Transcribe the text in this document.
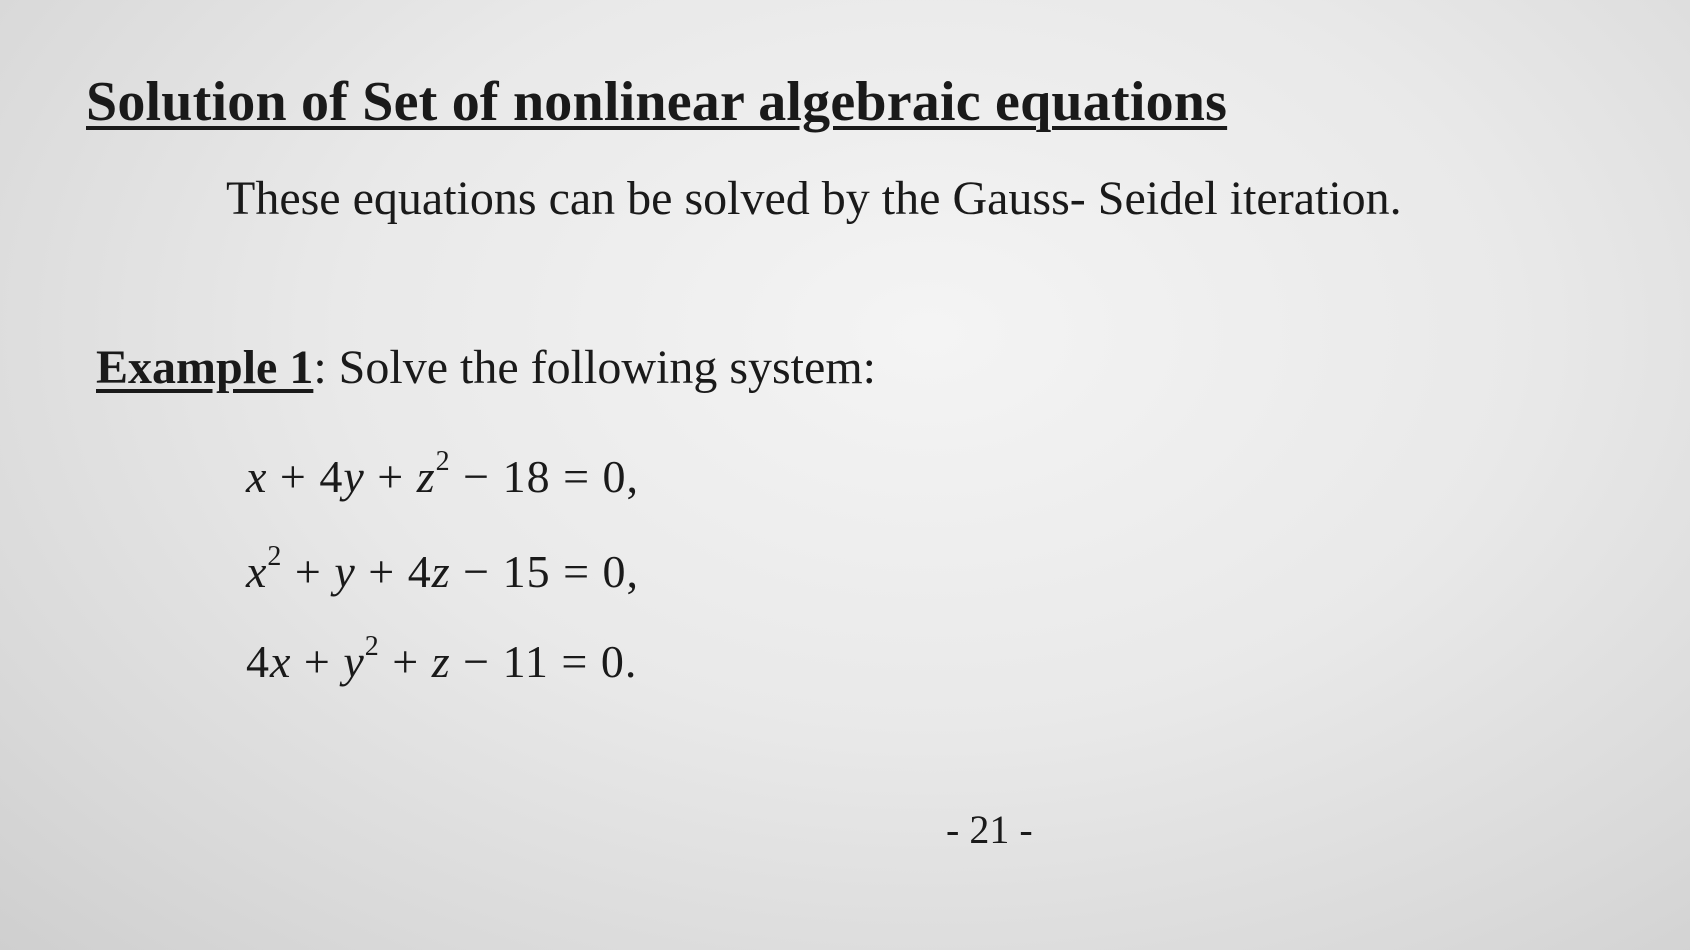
Solution of Set of nonlinear algebraic equations
These equations can be solved by the Gauss- Seidel iteration.
Example 1: Solve the following system:
$x + 4y + z^2 - 18 = 0$,
$x^2 + y + 4z - 15 = 0$,
$4x + y^2 + z - 11 = 0$.
- 21 -
